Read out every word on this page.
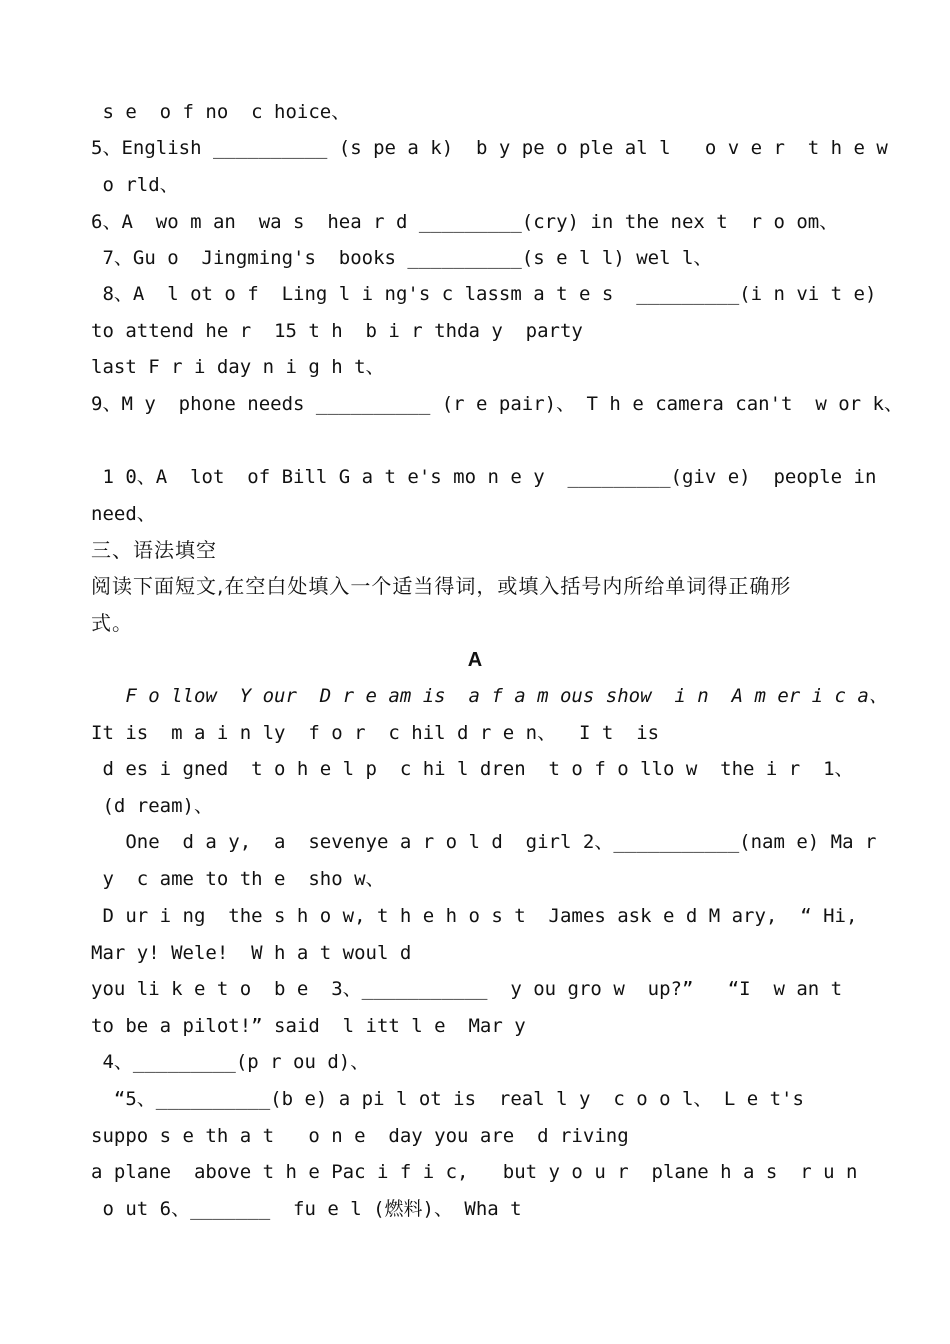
s e  o f no  c hoice、
5、English __________ (s pe a k)  b y pe o ple al l   o v e r  t h e w
o rld、
6、A  wo m an  wa s  hea r d _________(cry) in the nex t  r o om、
7、Gu o  Jingming's  books __________(s e l l) wel l、
8、A  l ot o f  Ling l i ng's c lassm a t e s  _________(i n vi t e)
to attend he r  15 t h  b i r thda y  party
last F r i day n i g h t、
9、M y  phone needs __________ (r e pair)、 T h e camera can't  w or k、
1 0、A  lot  of Bill G a t e's mo n e y  _________(giv e)  people in
need、
三、语法填空
阅读下面短文,在空白处填入一个适当得词，或填入括号内所给单词得正确形
式。
A
F o llow  Y our  D r e am is  a f a m ous show  i n  A m er i c a、
It is  m a i n ly  f o r  c hil d r e n、  I t  is
d es i gned  t o h e l p  c hi l dren  t o f o llo w  the i r  1、
(d ream)、
One  d a y,  a  sevenye a r o l d  girl 2、___________(nam e) Ma r
y  c ame to th e  sho w、
D ur i ng  the s h o w, t h e h o s t  James ask e d M ary,  “ Hi,
Mar y! Wele!  W h a t woul d
you li k e t o  b e  3、___________  y ou gro w  up?”   “I  w an t
to be a pilot!” said  l itt l e  Mar y
4、_________(p r ou d)、
“5、__________(b e) a pi l ot is  real l y  c o o l、 L e t's
suppo s e th a t   o n e  day you are  d riving
a plane  above t h e Pac i f i c,   but y o u r  plane h a s  r u n
o ut 6、_______  fu e l (燃料)、 Wha t
